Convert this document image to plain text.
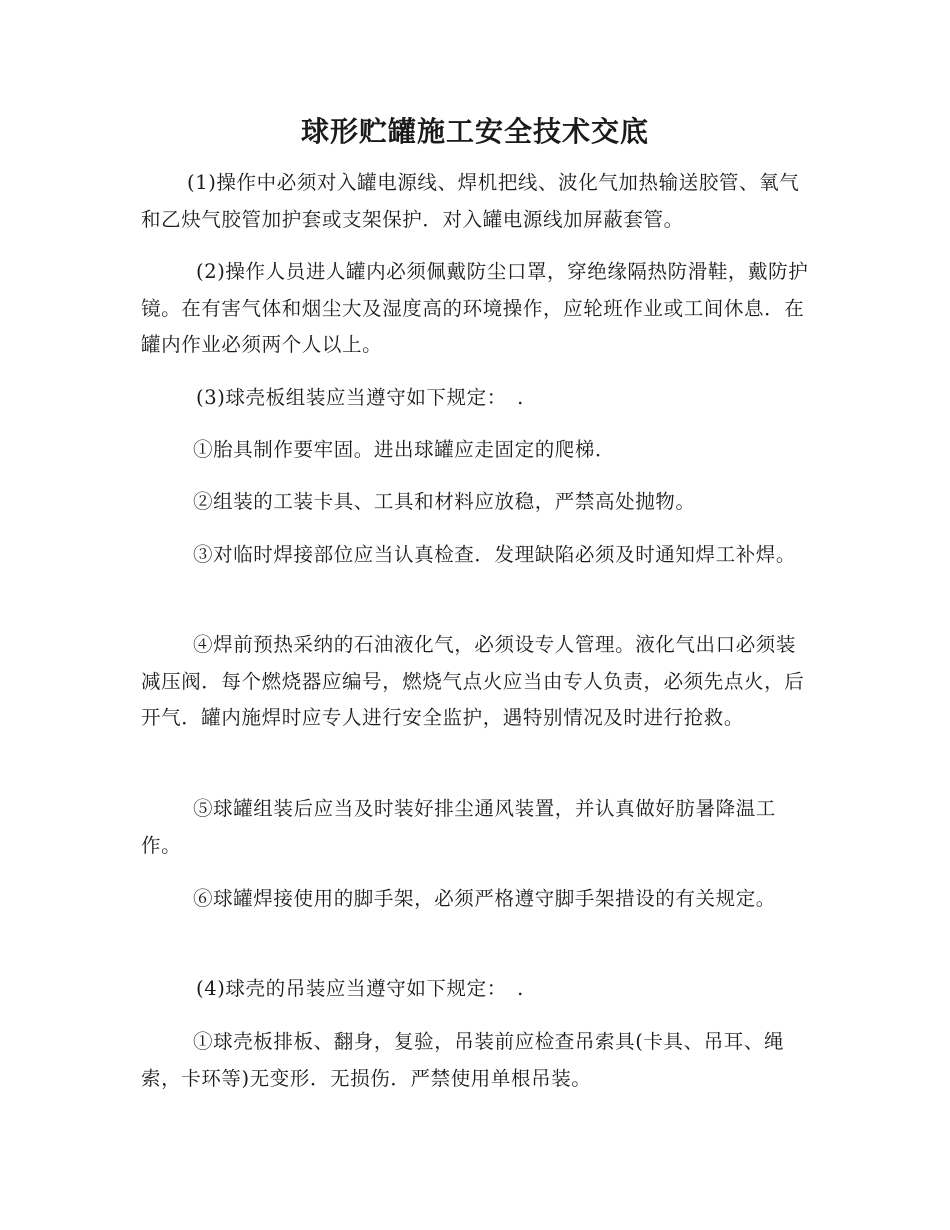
球形贮罐施工安全技术交底

(1)操作中必须对入罐电源线、焊机把线、波化气加热输送胶管、氧气和乙炔气胶管加护套或支架保护．对入罐电源线加屏蔽套管。

(2)操作人员进人罐内必须佩戴防尘口罩，穿绝缘隔热防滑鞋，戴防护镜。在有害气体和烟尘大及湿度高的环境操作，应轮班作业或工间休息．在罐内作业必须两个人以上。

(3)球壳板组装应当遵守如下规定：　.

①胎具制作要牢固。进出球罐应走固定的爬梯．

②组装的工装卡具、工具和材料应放稳，严禁高处抛物。

③对临时焊接部位应当认真检查．发理缺陷必须及时通知焊工补焊。

④焊前预热采纳的石油液化气，必须设专人管理。液化气出口必须装减压阀．每个燃烧器应编号，燃烧气点火应当由专人负责，必须先点火，后开气．罐内施焊时应专人进行安全监护，遇特别情况及时进行抢救。

⑤球罐组装后应当及时装好排尘通风装置，并认真做好肪暑降温工作。

⑥球罐焊接使用的脚手架，必须严格遵守脚手架措设的有关规定。

(4)球壳的吊装应当遵守如下规定：　.

①球壳板排板、翻身，复验，吊装前应检查吊索具(卡具、吊耳、绳索，卡环等)无变形．无损伤．严禁使用单根吊装。
